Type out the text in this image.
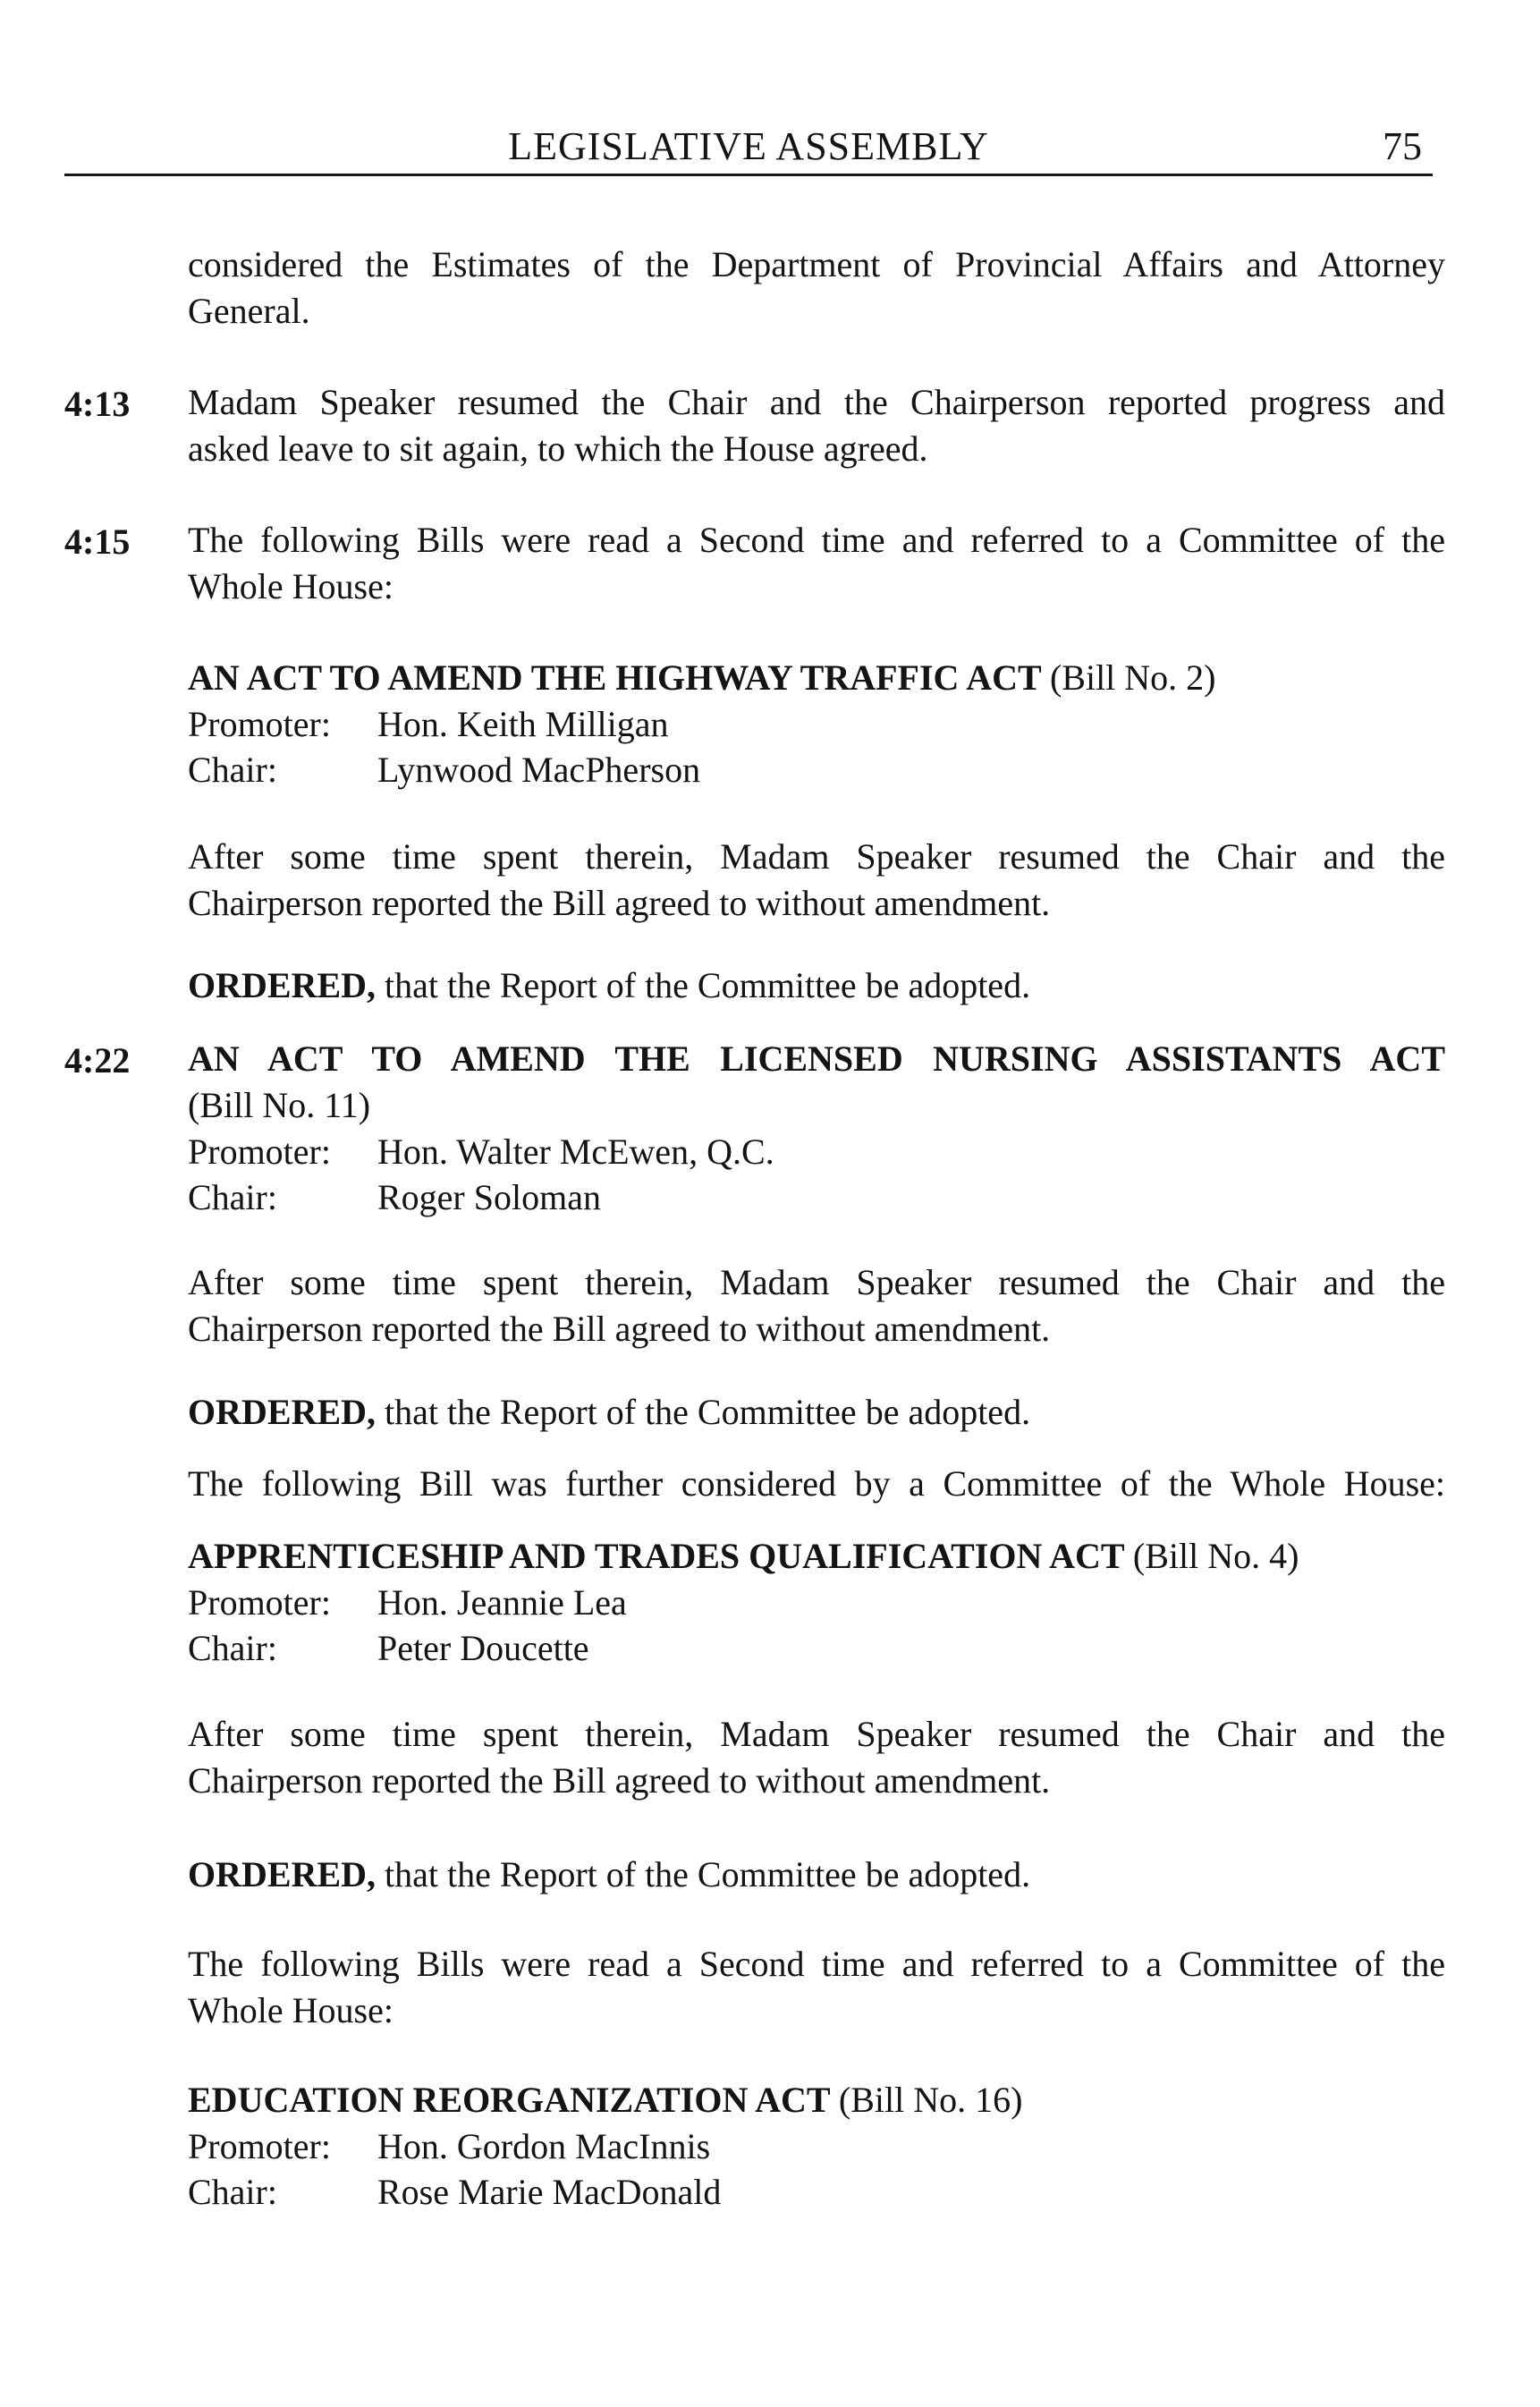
LEGISLATIVE ASSEMBLY	75

considered the Estimates of the Department of Provincial Affairs and Attorney

General.

4:13 Madam Speaker resumed the Chair and the Chairperson reported progress and

asked leave to sit again, to which the House agreed.

4:15 The following Bills were read a Second time and referred to a Committee of the

Whole House:

AN ACT TO AMEND THE HIGHWAY TRAFFIC ACT (Bill No. 2)
Promoter: Hon. Keith Milligan
Chair:	Lynwood MacPherson

After some time spent therein, Madam Speaker resumed the Chair and the

Chairperson reported the Bill agreed to without amendment.

ORDERED, that the Report of the Committee be adopted.

4:22 AN ACT TO AMEND THE LICENSED NURSING ASSISTANTS ACT

(Bill No. 11)

Promoter: Hon. Walter McEwen, Q.C.
Chair:	Roger Soloman

After some time spent therein, Madam Speaker resumed the Chair and the

Chairperson reported the Bill agreed to without amendment.

ORDERED, that the Report of the Committee be adopted.

The following Bill was further considered by a Committee of the Whole House:

APPRENTICESHIP AND TRADES QUALIFICATION ACT (Bill No. 4)
Promoter: Hon. Jeannie Lea
Chair:	Peter Doucette

After some time spent therein, Madam Speaker resumed the Chair and the

Chairperson reported the Bill agreed to without amendment.

ORDERED, that the Report of the Committee be adopted.

The following Bills were read a Second time and referred to a Committee of the

Whole House:

EDUCATION REORGANIZATION ACT (Bill No. 16)
Promoter: Hon. Gordon MacInnis
Chair:	Rose Marie MacDonald
